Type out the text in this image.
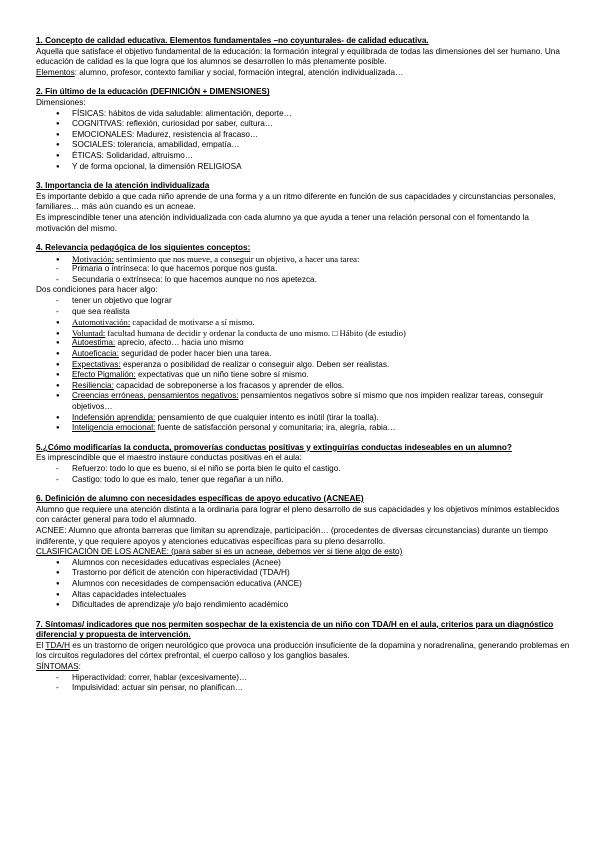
1. Concepto de calidad educativa. Elementos fundamentales –no coyunturales- de calidad educativa.

Aquella que satisface el objetivo fundamental de la educación: la formación integral y equilibrada de todas las dimensiones del ser humano. Una educación de calidad es la que logra que los alumnos se desarrollen lo más plenamente posible.

Elementos: alumno, profesor, contexto familiar y social, formación integral, atención individualizada…

2. Fin último de la educación (DEFINICIÓN + DIMENSIONES)

Dimensiones:

●
FÍSICAS: hábitos de vida saludable: alimentación, deporte…
●
COGNITIVAS: reflexión, curiosidad por saber, cultura…
●
EMOCIONALES: Madurez, resistencia al fracaso…
●
SOCIALES: tolerancia, amabilidad, empatía…
●
ÉTICAS: Solidaridad, altruismo…
●
Y de forma opcional, la dimensión RELIGIOSA
3. Importancia de la atención individualizada

Es importante debido a que cada niño aprende de una forma y a un ritmo diferente en función de sus capacidades y circunstancias personales, familiares… más aún cuando es un acneae.

Es imprescindible tener una atención individualizada con cada alumno ya que ayuda a tener una relación personal con el fomentando la motivación del mismo.

4. Relevancia pedagógica de los siguientes conceptos:
●
Motivación: sentimiento que nos mueve, a conseguir un objetivo, a hacer una tarea:
-
Primaria o intrínseca: lo que hacemos porque nos gusta.
-
Secundaria o extrínseca: lo que hacemos aunque no nos apetezca.

Dos condiciones para hacer algo:

-
tener un objetivo que lograr
-
que sea realista
●
Automotivación: capacidad de motivarse a sí mismo.
●
Voluntad: facultad humana de decidir y ordenar la conducta de uno mismo. □ Hábito (de estudio)
●
Autoestima: aprecio, afecto… hacia uno mismo
●
Autoeficacia: seguridad de poder hacer bien una tarea.
●
Expectativas: esperanza o posibilidad de realizar o conseguir algo. Deben ser realistas.
●
Efecto Pigmalión: expectativas que un niño tiene sobre sí mismo.
●
Resiliencia: capacidad de sobreponerse a los fracasos y aprender de ellos.
●
Creencias erróneas, pensamientos negativos: pensamientos negativos sobre sí mismo que nos impiden realizar tareas, conseguir objetivos…
●
Indefensión aprendida: pensamiento de que cualquier intento es inútil (tirar la toalla).
●
Inteligencia emocional: fuente de satisfacción personal y comunitaria; ira, alegría, rabia…
5.¿Cómo modificarías la conducta, promoverías conductas positivas y extinguirías conductas indeseables en un alumno?

Es imprescindible que el maestro instaure conductas positivas en el aula:

-
Refuerzo: todo lo que es bueno, si el niño se porta bien le quito el castigo.
-
Castigo: todo lo que es malo, tener que regañar a un niño.
6. Definición de alumno con necesidades específicas de apoyo educativo (ACNEAE)

Alumno que requiere una atención distinta a la ordinaria para lograr el pleno desarrollo de sus capacidades y los objetivos mínimos establecidos con carácter general para todo el alumnado.

ACNEE: Alumno que afronta barreras que limitan su aprendizaje, participación… (procedentes de diversas circunstancias) durante un tiempo indiferente, y que requiere apoyos y atenciones educativas específicas para su pleno desarrollo.

CLASIFICACIÓN DE LOS ACNEAE: (para saber si es un acneae, debemos ver si tiene algo de esto)

●
Alumnos con necesidades educativas especiales (Acnee)
●
Trastorno por déficit de atención con hiperactividad (TDA/H)
●
Alumnos con necesidades de compensación educativa (ANCE)
●
Altas capacidades intelectuales
●
Dificultades de aprendizaje y/o bajo rendimiento académico
7. Síntomas/ indicadores que nos permiten sospechar de la existencia de un niño con TDA/H en el aula, criterios para un diagnóstico diferencial y propuesta de intervención.

El TDA/H es un trastorno de origen neurológico que provoca una producción insuficiente de la dopamina y noradrenalina, generando problemas en los circuitos reguladores del córtex prefrontal, el cuerpo calloso y los ganglios basales.

SÍNTOMAS:

-
Hiperactividad: correr, hablar (excesivamente)…
-
Impulsividad: actuar sin pensar, no planifican…
